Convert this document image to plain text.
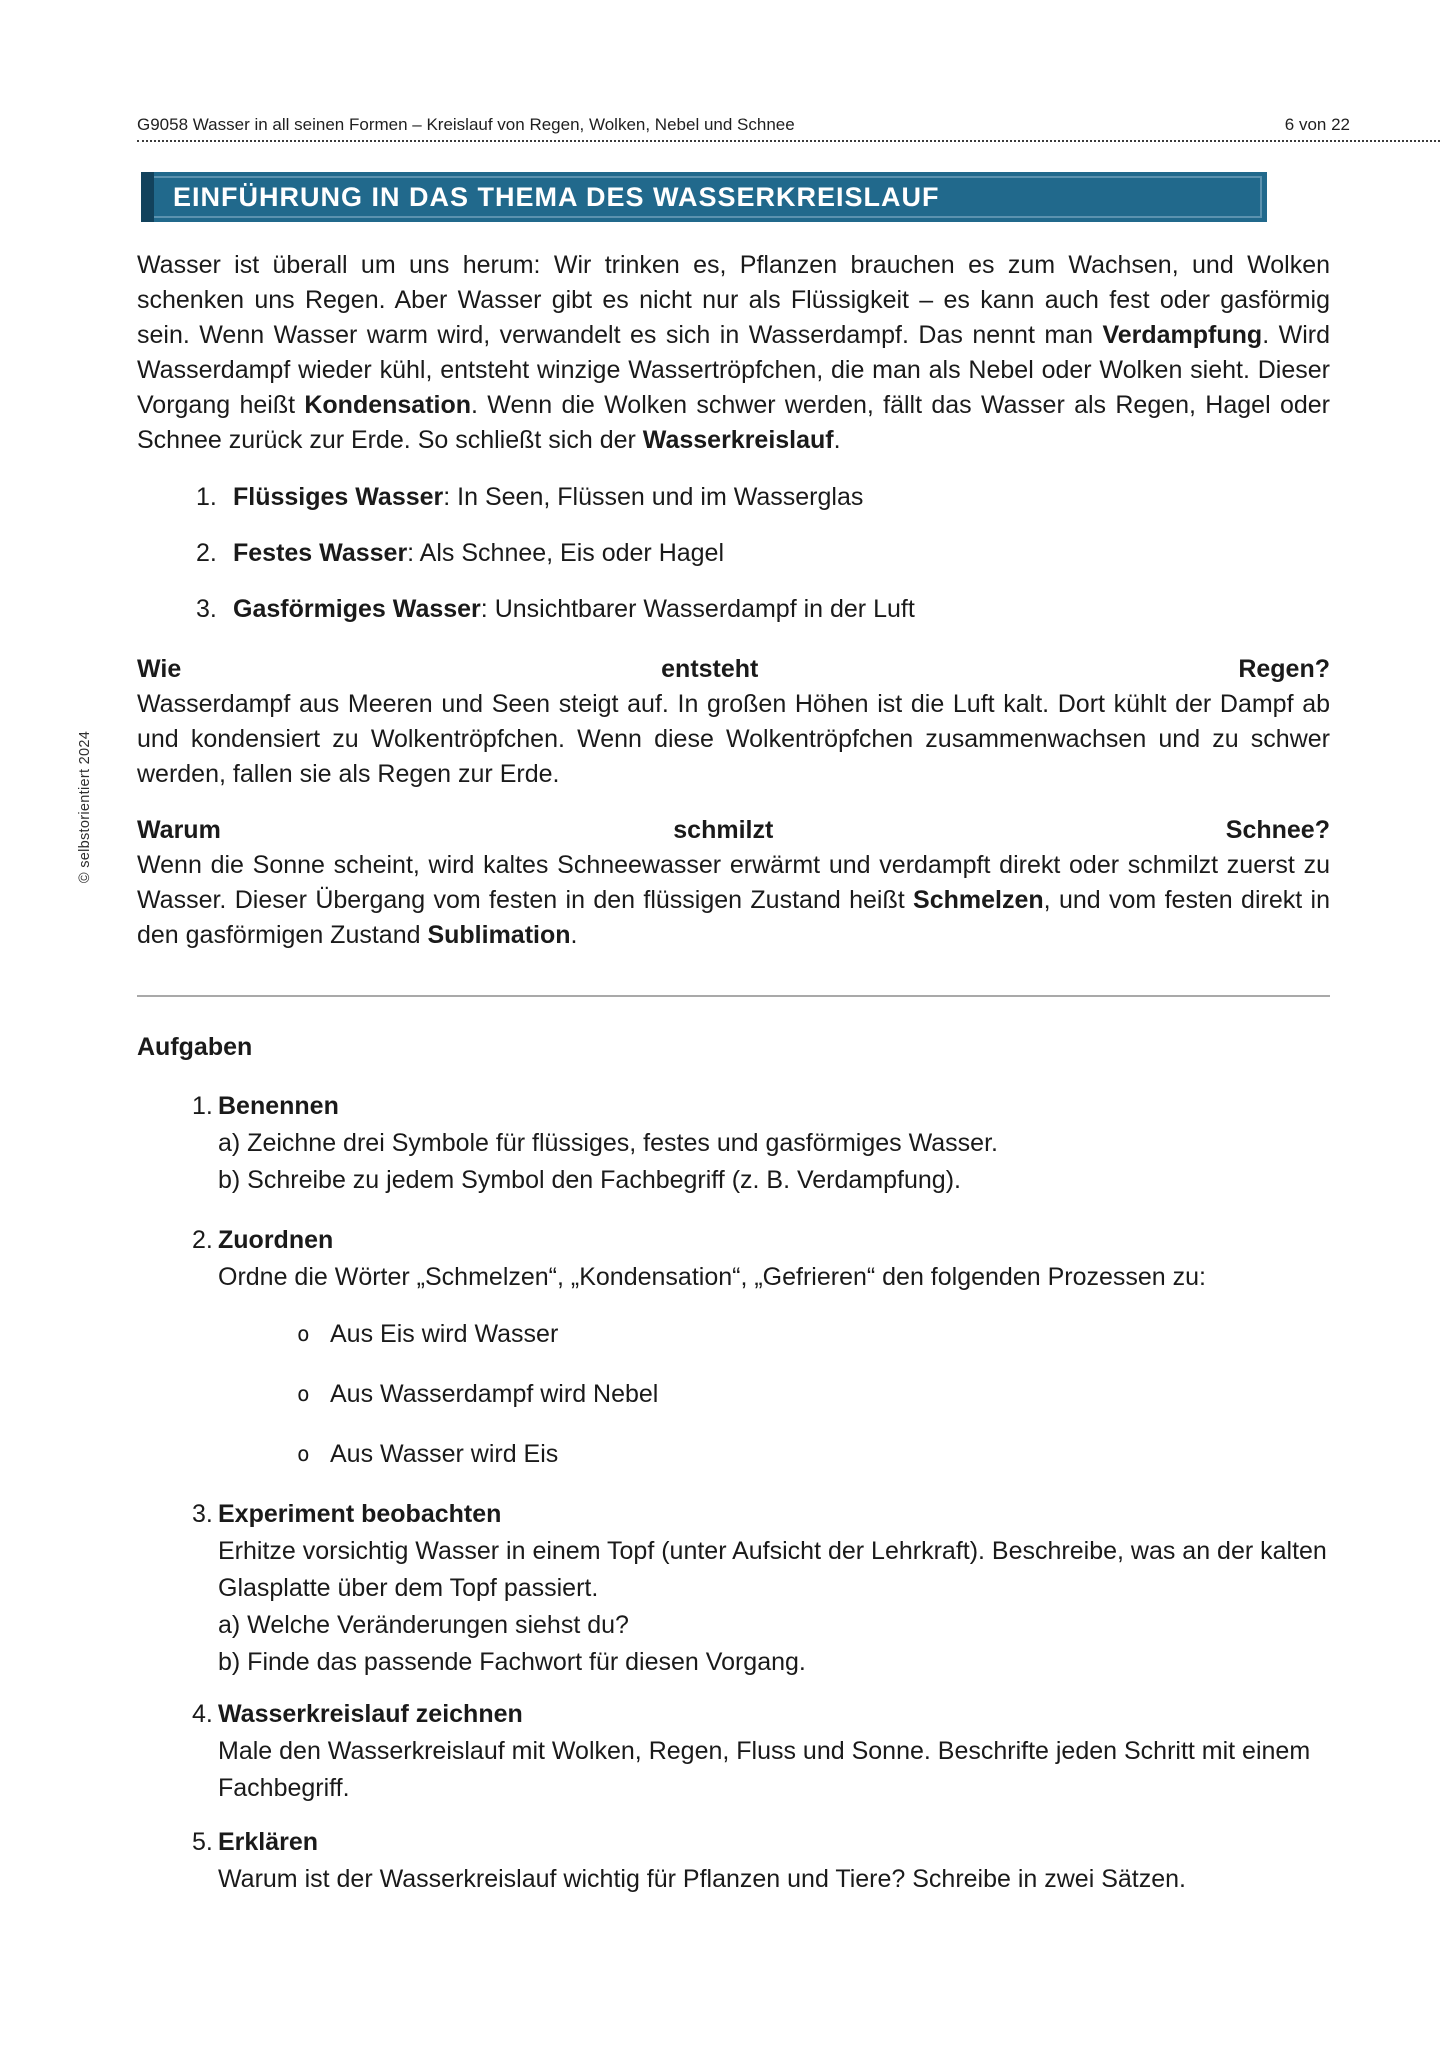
G9058 Wasser in all seinen Formen – Kreislauf von Regen, Wolken, Nebel und Schnee	6 von 22
EINFÜHRUNG IN DAS THEMA DES WASSERKREISLAUF
© selbstorientiert 2024

Wasser ist überall um uns herum: Wir trinken es, Pflanzen brauchen es zum Wachsen, und Wolken schenken uns Regen. Aber Wasser gibt es nicht nur als Flüssigkeit – es kann auch fest oder gasförmig sein. Wenn Wasser warm wird, verwandelt es sich in Wasserdampf. Das nennt man Verdampfung. Wird Wasserdampf wieder kühl, entsteht winzige Wassertröpfchen, die man als Nebel oder Wolken sieht. Dieser Vorgang heißt Kondensation. Wenn die Wolken schwer werden, fällt das Wasser als Regen, Hagel oder Schnee zurück zur Erde. So schließt sich der Wasserkreislauf.

1. Flüssiges Wasser: In Seen, Flüssen und im Wasserglas
2. Festes Wasser: Als Schnee, Eis oder Hagel
3. Gasförmiges Wasser: Unsichtbarer Wasserdampf in der Luft
Wie	entsteht	Regen?

Wasserdampf aus Meeren und Seen steigt auf. In großen Höhen ist die Luft kalt. Dort kühlt der Dampf ab und kondensiert zu Wolkentröpfchen. Wenn diese Wolkentröpfchen zusammenwachsen und zu schwer werden, fallen sie als Regen zur Erde.

Warum	schmilzt	Schnee?

Wenn die Sonne scheint, wird kaltes Schneewasser erwärmt und verdampft direkt oder schmilzt zuerst zu Wasser. Dieser Übergang vom festen in den flüssigen Zustand heißt Schmelzen, und vom festen direkt in den gasförmigen Zustand Sublimation.

Aufgaben
1. Benennen
a) Zeichne drei Symbole für flüssiges, festes und gasförmiges Wasser.
b) Schreibe zu jedem Symbol den Fachbegriff (z. B. Verdampfung).
2. Zuordnen
Ordne die Wörter „Schmelzen“, „Kondensation“, „Gefrieren“ den folgenden Prozessen zu:
o Aus Eis wird Wasser
o Aus Wasserdampf wird Nebel
o Aus Wasser wird Eis
3. Experiment beobachten
Erhitze vorsichtig Wasser in einem Topf (unter Aufsicht der Lehrkraft). Beschreibe, was an der kalten Glasplatte über dem Topf passiert.
a) Welche Veränderungen siehst du?
b) Finde das passende Fachwort für diesen Vorgang.
4. Wasserkreislauf zeichnen
Male den Wasserkreislauf mit Wolken, Regen, Fluss und Sonne. Beschrifte jeden Schritt mit einem Fachbegriff.
5. Erklären
Warum ist der Wasserkreislauf wichtig für Pflanzen und Tiere? Schreibe in zwei Sätzen.
